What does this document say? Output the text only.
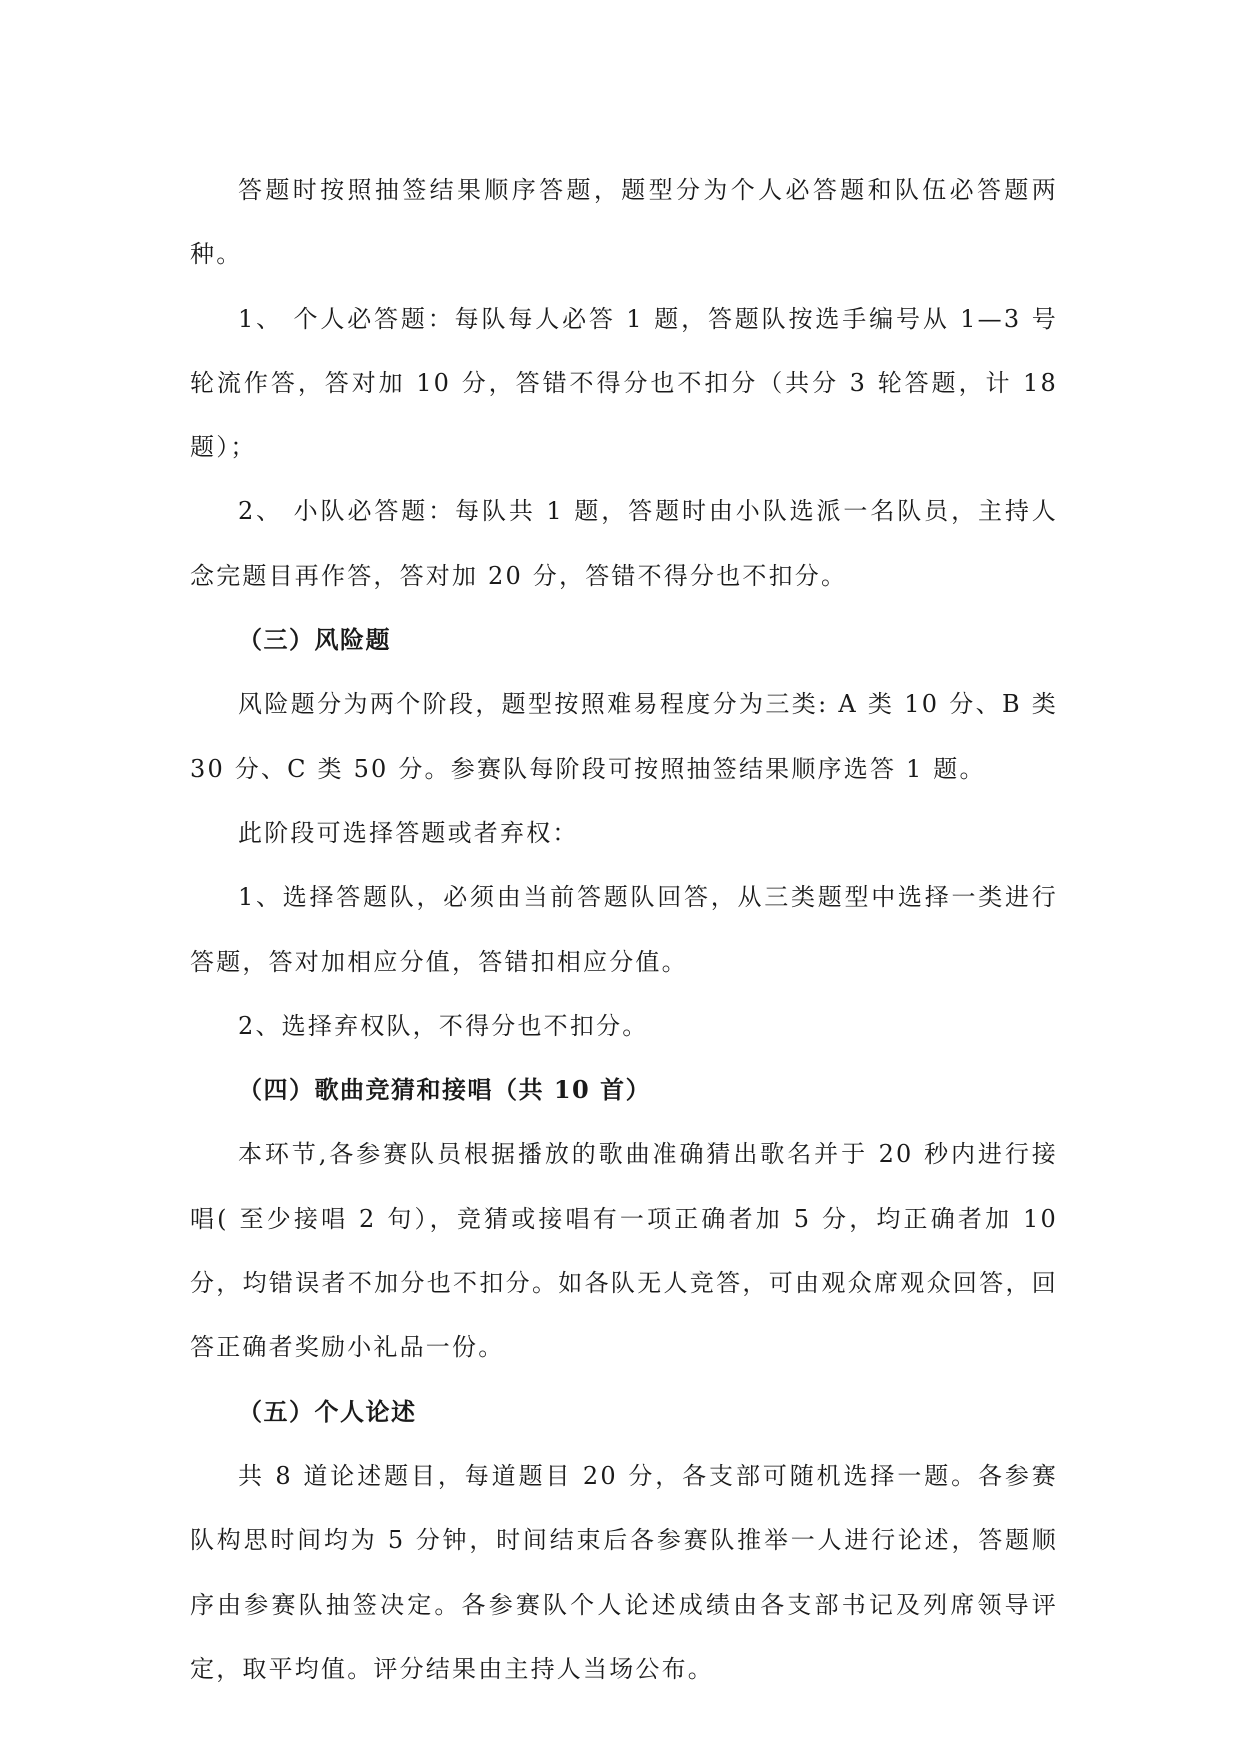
答题时按照抽签结果顺序答题，题型分为个人必答题和队伍必答题两种。

1、 个人必答题：每队每人必答 1 题，答题队按选手编号从 1—3 号轮流作答，答对加 10 分，答错不得分也不扣分（共分 3 轮答题，计 18 题）；

2、 小队必答题：每队共 1 题，答题时由小队选派一名队员，主持人念完题目再作答，答对加 20 分，答错不得分也不扣分。

（三）风险题

风险题分为两个阶段，题型按照难易程度分为三类: A 类 10 分、B 类 30 分、C 类 50 分。参赛队每阶段可按照抽签结果顺序选答 1 题。

此阶段可选择答题或者弃权：

1、选择答题队，必须由当前答题队回答，从三类题型中选择一类进行答题，答对加相应分值，答错扣相应分值。

2、选择弃权队，不得分也不扣分。

（四）歌曲竞猜和接唱（共 10 首）

本环节,各参赛队员根据播放的歌曲准确猜出歌名并于 20 秒内进行接唱( 至少接唱 2 句），竞猜或接唱有一项正确者加 5 分，均正确者加 10 分，均错误者不加分也不扣分。如各队无人竞答，可由观众席观众回答，回答正确者奖励小礼品一份。

（五）个人论述

共 8 道论述题目，每道题目 20 分，各支部可随机选择一题。各参赛队构思时间均为 5 分钟，时间结束后各参赛队推举一人进行论述，答题顺序由参赛队抽签决定。各参赛队个人论述成绩由各支部书记及列席领导评定，取平均值。评分结果由主持人当场公布。
